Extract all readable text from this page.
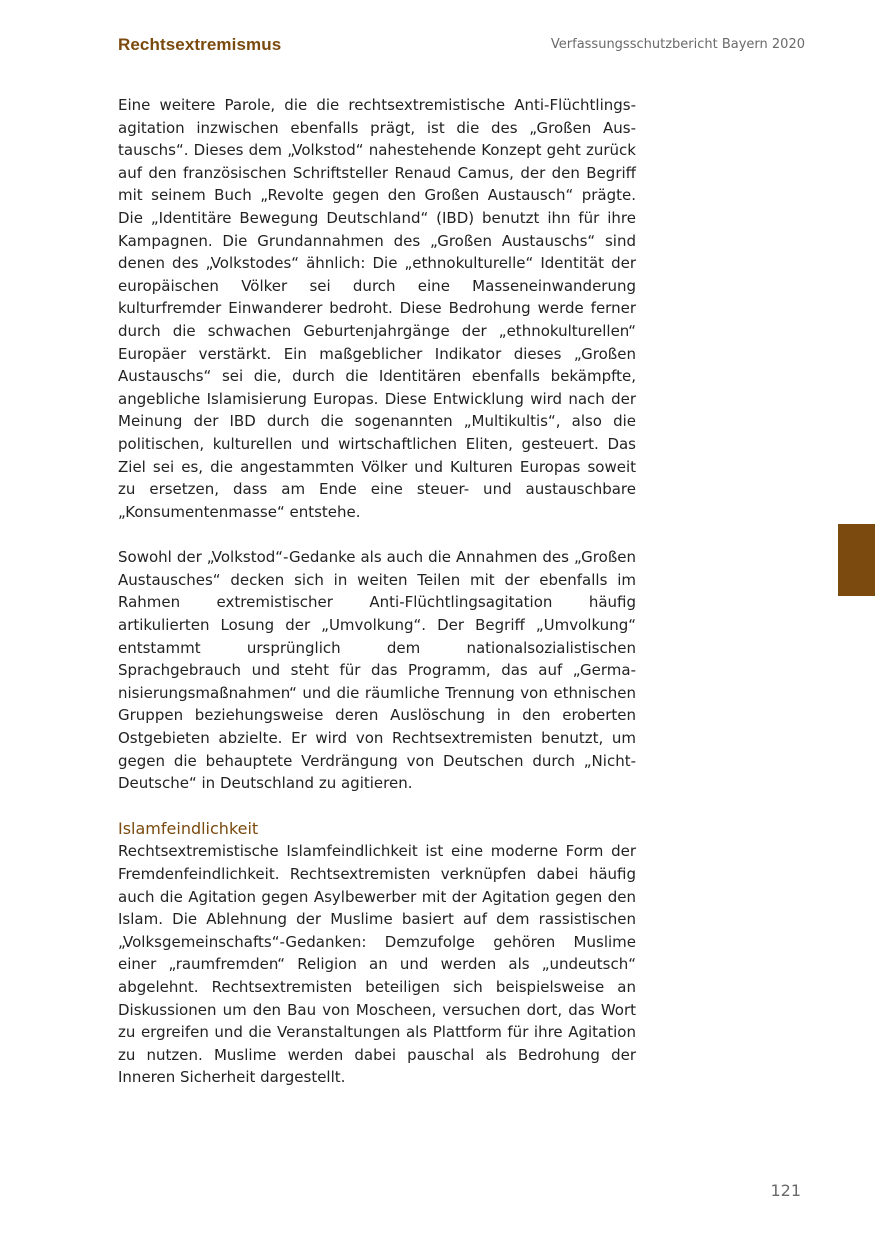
Rechtsextremismus	Verfassungsschutzbericht Bayern 2020

Eine weitere Parole, die die rechtsextremistische Anti-Flüchtlingsagitation inzwischen ebenfalls prägt, ist die des „Großen Austauschs“. Dieses dem „Volkstod“ nahestehende Konzept geht zurück auf den französischen Schriftsteller Renaud Camus, der den Begriff mit seinem Buch „Revolte gegen den Großen Austausch“ prägte. Die „Identitäre Bewegung Deutschland“ (IBD) benutzt ihn für ihre Kampagnen. Die Grundannahmen des „Großen Austauschs“ sind denen des „Volkstodes“ ähnlich: Die „ethnokulturelle“ Identität der europäischen Völker sei durch eine Masseneinwanderung kulturfremder Einwanderer bedroht. Diese Bedrohung werde ferner durch die schwachen Geburtenjahrgänge der „ethnokulturellen“ Europäer verstärkt. Ein maßgeblicher Indikator dieses „Großen Austauschs“ sei die, durch die Identitären ebenfalls bekämpfte, angebliche Islamisierung Europas. Diese Entwicklung wird nach der Meinung der IBD durch die sogenannten „Multikultis“, also die politischen, kulturellen und wirtschaftlichen Eliten, gesteuert. Das Ziel sei es, die angestammten Völker und Kulturen Europas soweit zu ersetzen, dass am Ende eine steuer- und austauschbare „Konsumentenmasse“ entstehe.

Sowohl der „Volkstod“-Gedanke als auch die Annahmen des „Großen Austausches“ decken sich in weiten Teilen mit der ebenfalls im Rahmen extremistischer Anti-Flüchtlingsagitation häufig artikulierten Losung der „Umvolkung“. Der Begriff „Umvolkung“ entstammt ursprünglich dem nationalsozialistischen Sprachgebrauch und steht für das Programm, das auf „Germanisierungsmaßnahmen“ und die räumliche Trennung von ethnischen Gruppen beziehungsweise deren Auslöschung in den eroberten Ostgebieten abzielte. Er wird von Rechtsextremisten benutzt, um gegen die behauptete Verdrängung von Deutschen durch „Nicht-Deutsche“ in Deutschland zu agitieren.

Islamfeindlichkeit

Rechtsextremistische Islamfeindlichkeit ist eine moderne Form der Fremdenfeindlichkeit. Rechtsextremisten verknüpfen dabei häufig auch die Agitation gegen Asylbewerber mit der Agitation gegen den Islam. Die Ablehnung der Muslime basiert auf dem rassistischen „Volksgemeinschafts“-Gedanken: Demzufolge gehören Muslime einer „raumfremden“ Religion an und werden als „undeutsch“ abgelehnt. Rechtsextremisten beteiligen sich beispielsweise an Diskussionen um den Bau von Moscheen, versuchen dort, das Wort zu ergreifen und die Veranstaltungen als Plattform für ihre Agitation zu nutzen. Muslime werden dabei pauschal als Bedrohung der Inneren Sicherheit dargestellt.

121
